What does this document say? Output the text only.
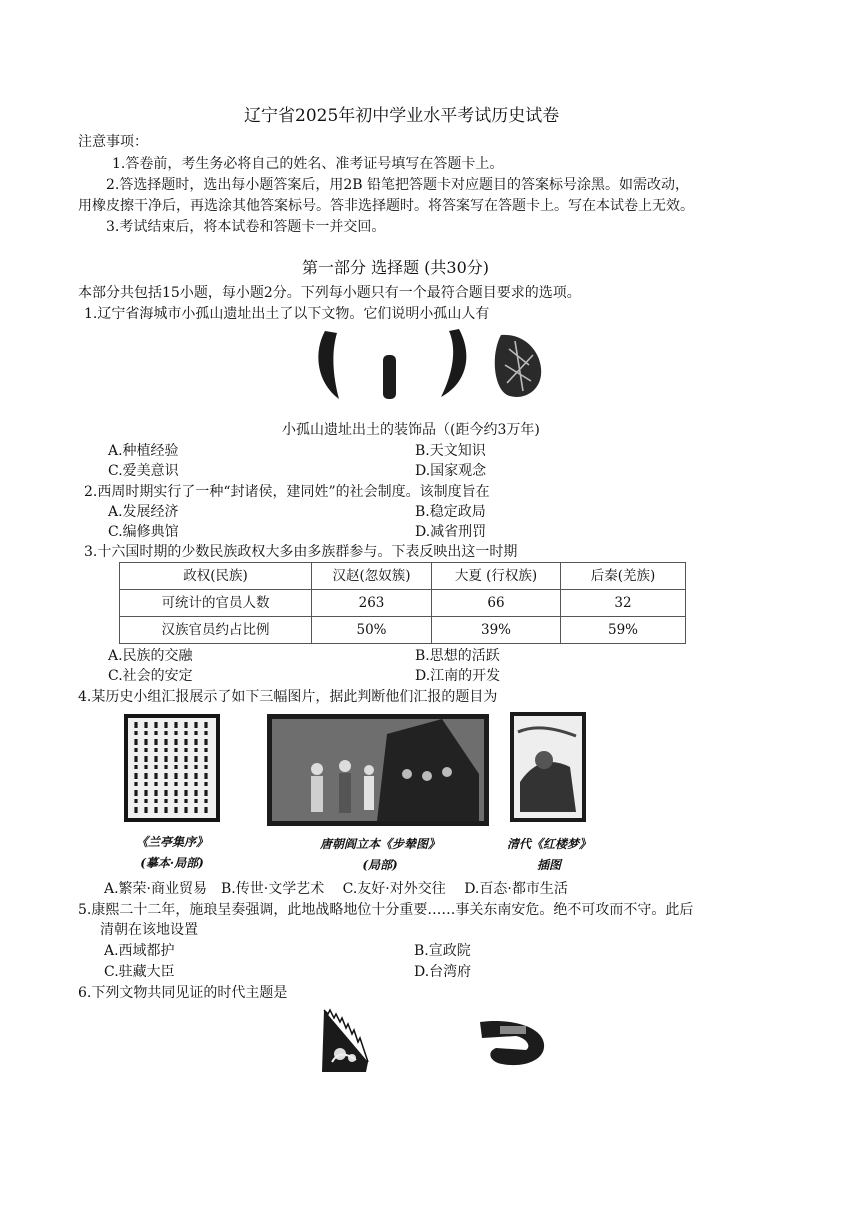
辽宁省2025年初中学业水平考试历史试卷
注意事项：
1.答卷前，考生务必将自己的姓名、准考证号填写在答题卡上。
2.答选择题时，选出每小题答案后，用2B 铅笔把答题卡对应题目的答案标号涂黑。如需改动，
用橡皮擦干净后，再选涂其他答案标号。答非选择题时。将答案写在答题卡上。写在本试卷上无效。
3.考试结束后，将本试卷和答题卡一并交回。
第一部分 选择题 (共30分)
本部分共包括15小题，每小题2分。下列每小题只有一个最符合题目要求的选项。
1.辽宁省海城市小孤山遗址出土了以下文物。它们说明小孤山人有
小孤山遗址出土的装饰品（(距今约3万年)
A.种植经验	B.天文知识
C.爱美意识	D.国家观念
2.西周时期实行了一种“封诸侯，建同姓”的社会制度。该制度旨在
A.发展经济	B.稳定政局
C.编修典馆	D.减省刑罚
3.十六国时期的少数民族政权大多由多族群参与。下表反映出这一时期
政权(民族)	汉赵(忽奴簇)	大夏 (行权族)	后秦(羌族)
可统计的官员人数	263	66	32
汉族官员约占比例	50%	39%	59%
A.民族的交融	B.思想的活跃
C.社会的安定	D.江南的开发
4.某历史小组汇报展示了如下三幅图片，据此判断他们汇报的题目为
《兰亭集序》
(摹本·局部)
唐朝阎立本《步辇图》
(局部)
清代《红楼梦》
插图
A.繁荣·商业贸易　B.传世·文学艺术　 C.友好·对外交往　 D.百态·都市生活
5.康熙二十二年，施琅呈奏强调，此地战略地位十分重要……事关东南安危。绝不可攻而不守。此后
清朝在该地设置
A.西域都护	B.宣政院
C.驻藏大臣	D.台湾府
6.下列文物共同见证的时代主题是
